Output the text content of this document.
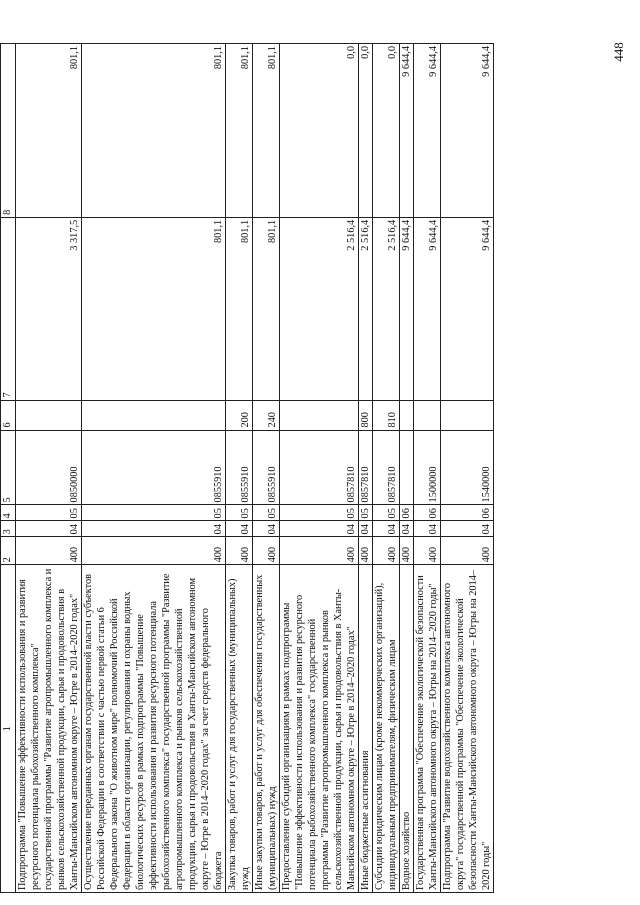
448
1	2	3	4	5	6	7	8
Подпрограмма "Повышение эффективности использования и развития ресурсного потенциала рыбохозяйственного комплекса" государственной программы "Развитие агропромышленного комплекса и рынков сельскохозяйственной продукции, сырья и продовольствия в Ханты-Мансийском автономном округе – Югре в 2014–2020 годах"	400	04	05	0850000		3 317,5	801,1
Осуществление переданных органам государственной власти субъектов Российской Федерации в соответствии с частью первой статьи 6 Федерального закона "О животном мире" полномочий Российской Федерации в области организации, регулирования и охраны водных биологических ресурсов в рамках подпрограммы "Повышение эффективности использования и развития ресурсного потенциала рыбохозяйственного комплекса" государственной программы "Развитие агропромышленного комплекса и рынков сельскохозяйственной продукции, сырья и продовольствия в Ханты-Мансийском автономном округе – Югре в 2014–2020 годах" за счет средств федерального бюджета	400	04	05	0855910		801,1	801,1
Закупка товаров, работ и услуг для государственных (муниципальных) нужд	400	04	05	0855910	200	801,1	801,1
Иные закупки товаров, работ и услуг для обеспечения государственных (муниципальных) нужд	400	04	05	0855910	240	801,1	801,1
Предоставление субсидий организациям в рамках подпрограммы "Повышение эффективности использования и развития ресурсного потенциала рыбохозяйственного комплекса" государственной программы "Развитие агропромышленного комплекса и рынков сельскохозяйственной продукции, сырья и продовольствия в Ханты-Мансийском автономном округе – Югре в 2014–2020 годах"	400	04	05	0857810		2 516,4	0,0
Иные бюджетные ассигнования	400	04	05	0857810	800	2 516,4	0,0
Субсидии юридическим лицам (кроме некоммерческих организаций), индивидуальным предпринимателям, физическим лицам	400	04	05	0857810	810	2 516,4	0,0
Водное хозяйство	400	04	06			9 644,4	9 644,4
Государственная программа "Обеспечение экологической безопасности Ханты-Мансийского автономного округа – Югры на 2014–2020 годы"	400	04	06	1500000		9 644,4	9 644,4
Подпрограмма "Развитие водохозяйственного комплекса автономного округа" государственной программы "Обеспечение экологической безопасности Ханты-Мансийского автономного округа – Югры на 2014–2020 годы"	400	04	06	1540000		9 644,4	9 644,4
